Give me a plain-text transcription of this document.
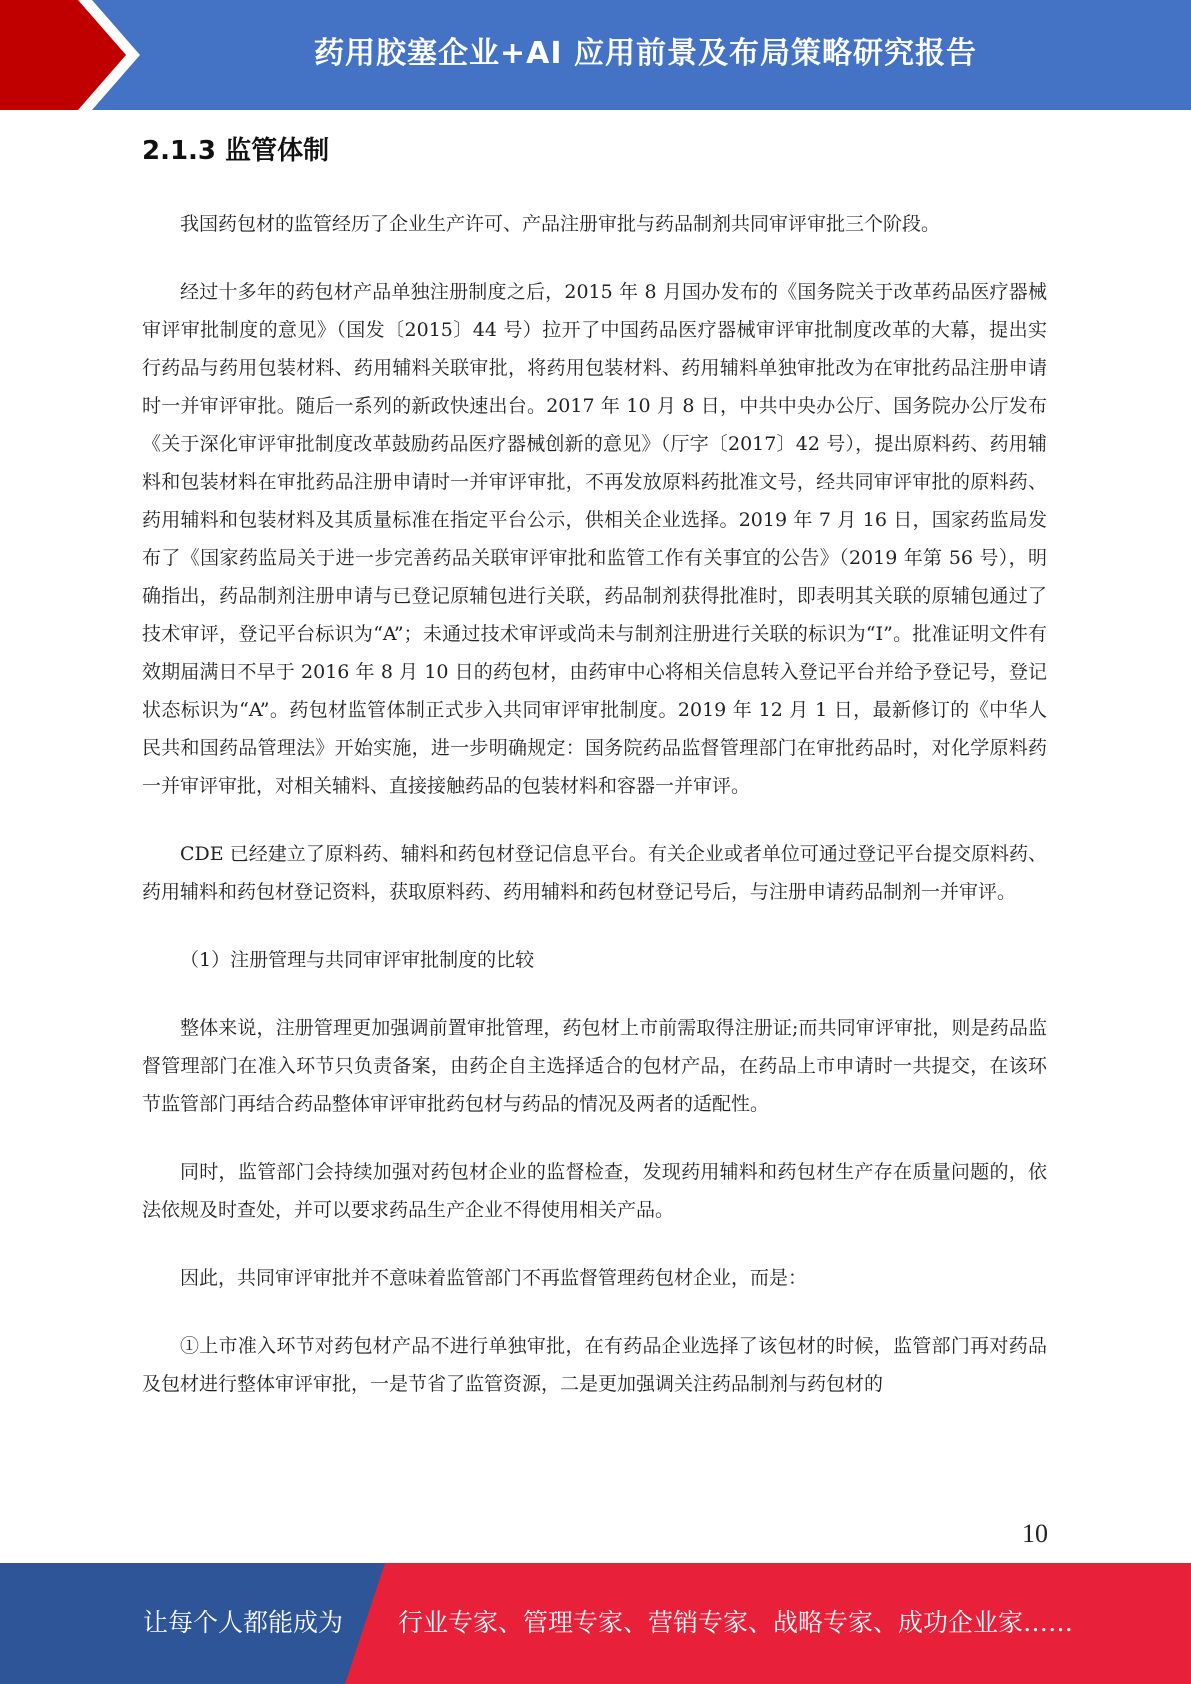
药用胶塞企业+AI 应用前景及布局策略研究报告
2.1.3 监管体制

我国药包材的监管经历了企业生产许可、产品注册审批与药品制剂共同审评审批三个阶段。

经过十多年的药包材产品单独注册制度之后，2015 年 8 月国办发布的《国务院关于改革药品医疗器械审评审批制度的意见》（国发〔2015〕44 号）拉开了中国药品医疗器械审评审批制度改革的大幕，提出实行药品与药用包装材料、药用辅料关联审批，将药用包装材料、药用辅料单独审批改为在审批药品注册申请时一并审评审批。随后一系列的新政快速出台。2017 年 10 月 8 日，中共中央办公厅、国务院办公厅发布《关于深化审评审批制度改革鼓励药品医疗器械创新的意见》（厅字〔2017〕42 号），提出原料药、药用辅料和包装材料在审批药品注册申请时一并审评审批，不再发放原料药批准文号，经共同审评审批的原料药、药用辅料和包装材料及其质量标准在指定平台公示，供相关企业选择。2019 年 7 月 16 日，国家药监局发布了《国家药监局关于进一步完善药品关联审评审批和监管工作有关事宜的公告》（2019 年第 56 号），明确指出，药品制剂注册申请与已登记原辅包进行关联，药品制剂获得批准时，即表明其关联的原辅包通过了技术审评，登记平台标识为“A”；未通过技术审评或尚未与制剂注册进行关联的标识为“I”。批准证明文件有效期届满日不早于 2016 年 8 月 10 日的药包材，由药审中心将相关信息转入登记平台并给予登记号，登记状态标识为“A”。药包材监管体制正式步入共同审评审批制度。2019 年 12 月 1 日，最新修订的《中华人民共和国药品管理法》开始实施，进一步明确规定：国务院药品监督管理部门在审批药品时，对化学原料药一并审评审批，对相关辅料、直接接触药品的包装材料和容器一并审评。

CDE 已经建立了原料药、辅料和药包材登记信息平台。有关企业或者单位可通过登记平台提交原料药、药用辅料和药包材登记资料，获取原料药、药用辅料和药包材登记号后，与注册申请药品制剂一并审评。

（1）注册管理与共同审评审批制度的比较

整体来说，注册管理更加强调前置审批管理，药包材上市前需取得注册证;而共同审评审批，则是药品监督管理部门在准入环节只负责备案，由药企自主选择适合的包材产品，在药品上市申请时一共提交，在该环节监管部门再结合药品整体审评审批药包材与药品的情况及两者的适配性。

同时，监管部门会持续加强对药包材企业的监督检查，发现药用辅料和药包材生产存在质量问题的，依法依规及时查处，并可以要求药品生产企业不得使用相关产品。

因此，共同审评审批并不意味着监管部门不再监督管理药包材企业，而是：

①上市准入环节对药包材产品不进行单独审批，在有药品企业选择了该包材的时候，监管部门再对药品及包材进行整体审评审批，一是节省了监管资源，二是更加强调关注药品制剂与药包材的

10
让每个人都能成为 行业专家、管理专家、营销专家、战略专家、成功企业家……
